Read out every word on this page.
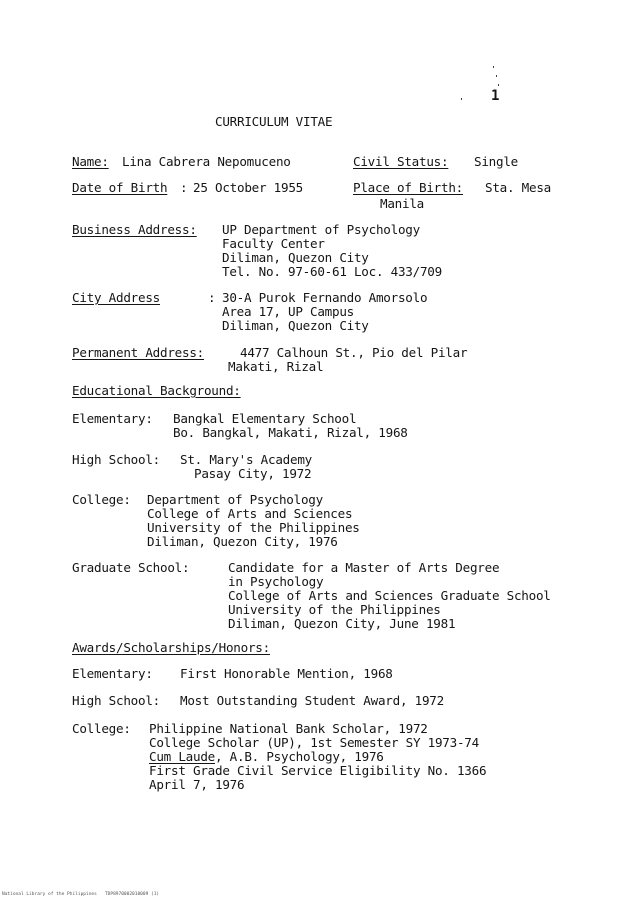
1
CURRICULUM VITAE
Name: Lina Cabrera Nepomuceno	Civil Status: Single
Date of Birth : 25 October 1955	Place of Birth: Sta. Mesa
Manila
Business Address: UP Department of Psychology
Faculty Center
Diliman, Quezon City
Tel. No. 97-60-61 Loc. 433/709
City Address	: 30-A Purok Fernando Amorsolo
Area 17, UP Campus
Diliman, Quezon City
Permanent Address:	4477 Calhoun St., Pio del Pilar
Makati, Rizal
Educational Background:
Elementary: Bangkal Elementary School
Bo. Bangkal, Makati, Rizal, 1968
High School: St. Mary's Academy
Pasay City, 1972
College: Department of Psychology
College of Arts and Sciences
University of the Philippines
Diliman, Quezon City, 1976
Graduate School:	Candidate for a Master of Arts Degree
in Psychology
College of Arts and Sciences Graduate School
University of the Philippines
Diliman, Quezon City, June 1981
Awards/Scholarships/Honors:
Elementary: First Honorable Mention, 1968
High School: Most Outstanding Student Award, 1972
College: Philippine National Bank Scholar, 1972
College Scholar (UP), 1st Semester SY 1973-74
Cum Laude, A.B. Psychology, 1976
First Grade Civil Service Eligibility No. 1366
April 7, 1976
National Library of the Philippines   TDP8970002010009 (1)
